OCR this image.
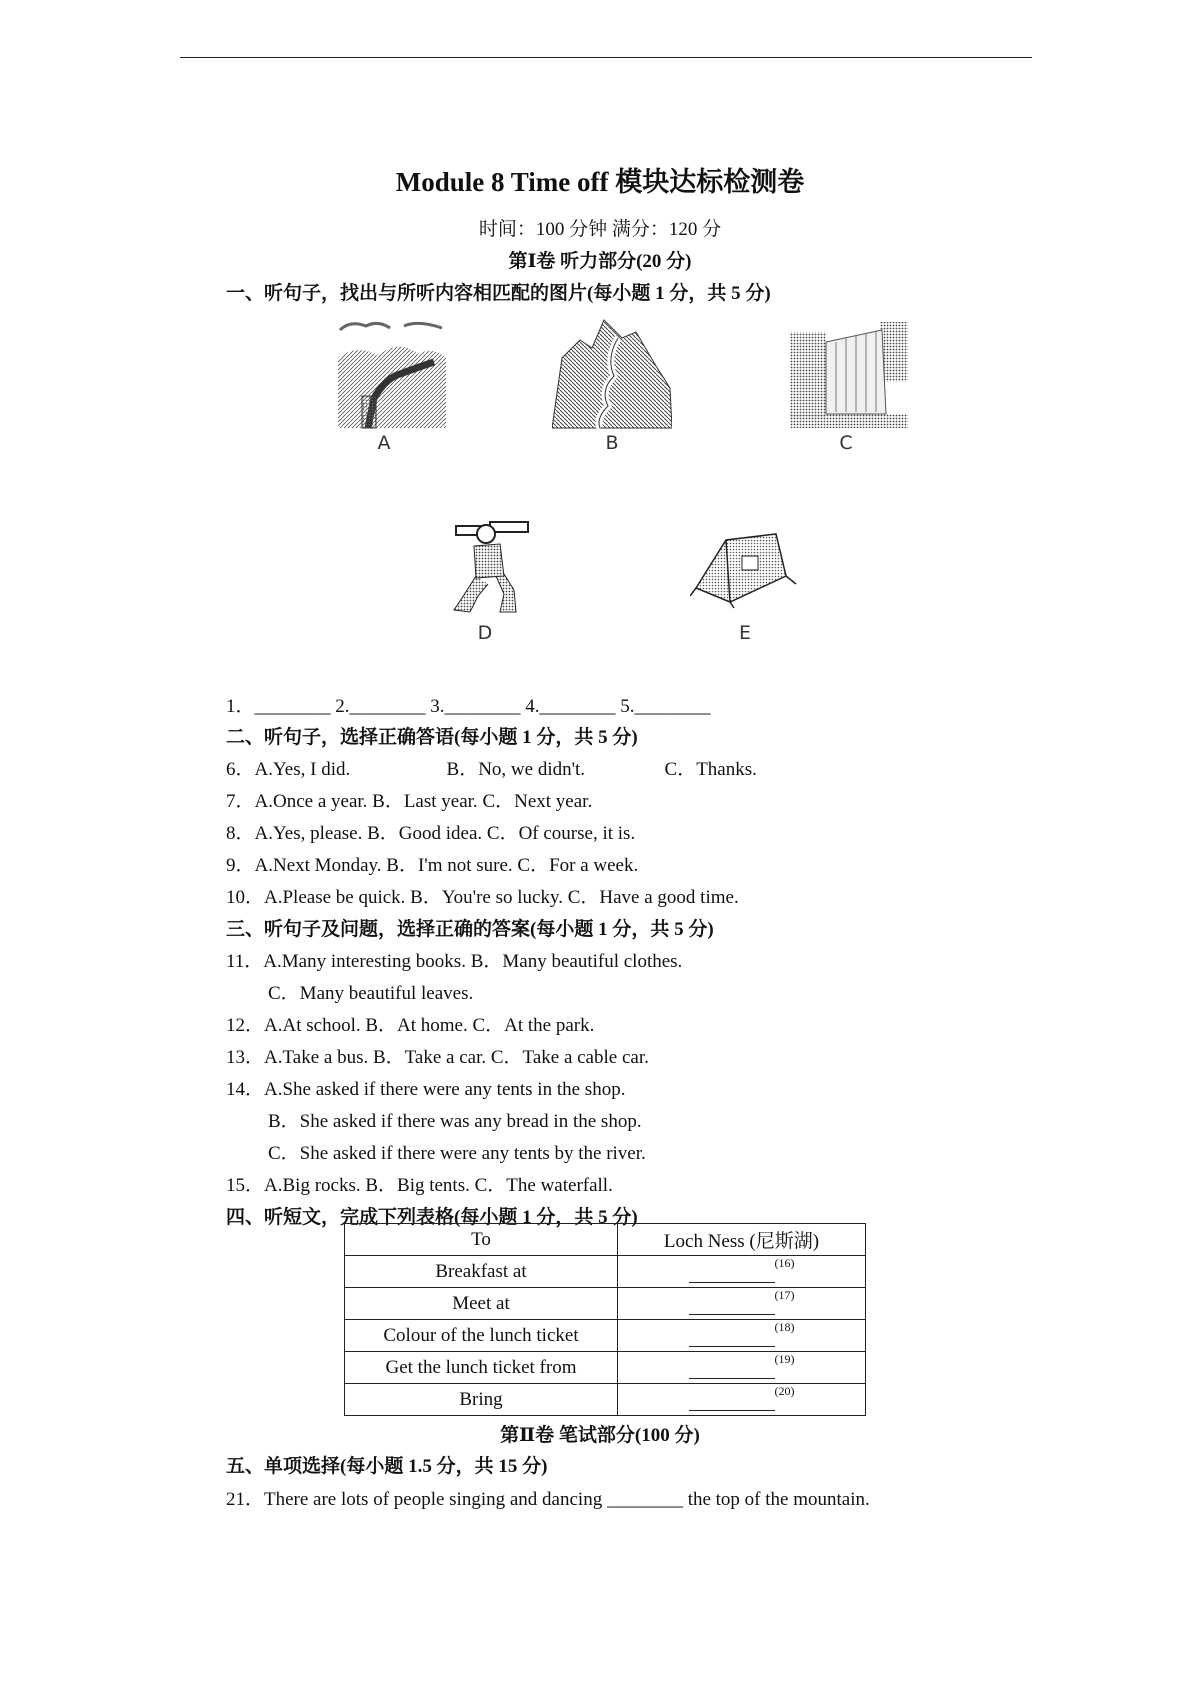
Module 8 Time off 模块达标检测卷
时间：100 分钟 满分：120 分
第Ⅰ卷 听力部分(20 分)
一、听句子，找出与所听内容相匹配的图片(每小题 1 分，共 5 分)
A	B	C
D	E
1．________ 2.________ 3.________ 4.________ 5.________
二、听句子，选择正确答语(每小题 1 分，共 5 分)
6．A.Yes, I did.	B．No, we didn't.	C．Thanks.
7．A.Once a year. B．Last year. C．Next year.
8．A.Yes, please. B．Good idea. C．Of course, it is.
9．A.Next Monday. B．I'm not sure. C．For a week.
10．A.Please be quick. B．You're so lucky. C．Have a good time.
三、听句子及问题，选择正确的答案(每小题 1 分，共 5 分)
11．A.Many interesting books. B．Many beautiful clothes.
C．Many beautiful leaves.
12．A.At school. B．At home. C．At the park.
13．A.Take a bus. B．Take a car. C．Take a cable car.
14．A.She asked if there were any tents in the shop.
B．She asked if there was any bread in the shop.
C．She asked if there were any tents by the river.
15．A.Big rocks. B．Big tents. C．The waterfall.
四、听短文，完成下列表格(每小题 1 分，共 5 分)
To	Loch Ness (尼斯湖)
Breakfast at	$^{(16)}$
Meet at	$^{(17)}$
Colour of the lunch ticket	$^{(18)}$
Get the lunch ticket from	$^{(19)}$
Bring	$^{(20)}$
第Ⅱ卷 笔试部分(100 分)
五、单项选择(每小题 1.5 分，共 15 分)
21．There are lots of people singing and dancing ________ the top of the mountain.
